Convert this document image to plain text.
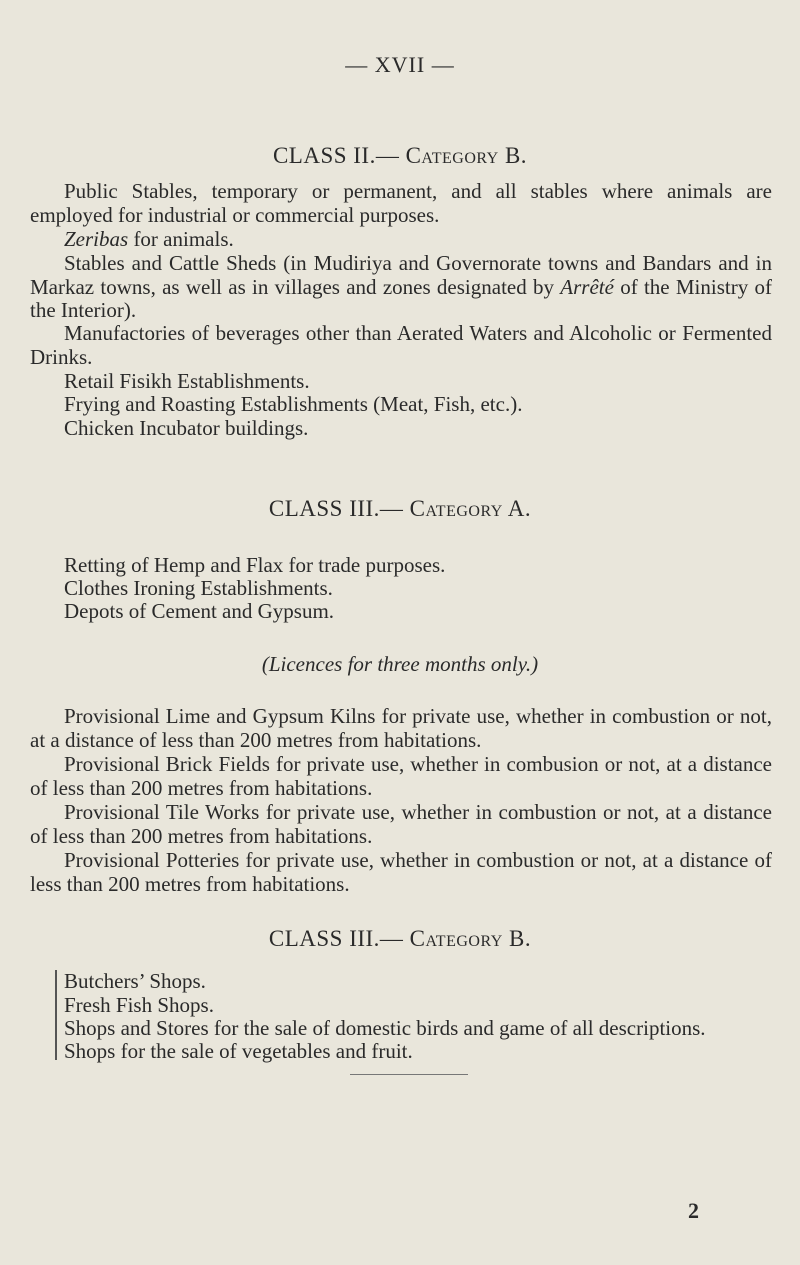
— XVII —
CLASS II.— Category B.

Public Stables, temporary or permanent, and all stables where animals are employed for industrial or commercial purposes.

Zeribas for animals.

Stables and Cattle Sheds (in Mudiriya and Governorate towns and Bandars and in Markaz towns, as well as in villages and zones designated by Arrêté of the Ministry of the Interior).

Manufactories of beverages other than Aerated Waters and Alcoholic or Fermented Drinks.

Retail Fisikh Establishments.

Frying and Roasting Establishments (Meat, Fish, etc.).

Chicken Incubator buildings.

CLASS III.— Category A.

Retting of Hemp and Flax for trade purposes.

Clothes Ironing Establishments.

Depots of Cement and Gypsum.

(Licences for three months only.)

Provisional Lime and Gypsum Kilns for private use, whether in combustion or not, at a distance of less than 200 metres from habitations.

Provisional Brick Fields for private use, whether in combusion or not, at a distance of less than 200 metres from habitations.

Provisional Tile Works for private use, whether in combustion or not, at a distance of less than 200 metres from habitations.

Provisional Potteries for private use, whether in combustion or not, at a distance of less than 200 metres from habitations.

CLASS III.— Category B.

Butchers’ Shops.

Fresh Fish Shops.

Shops and Stores for the sale of domestic birds and game of all descriptions.

Shops for the sale of vegetables and fruit.

2
